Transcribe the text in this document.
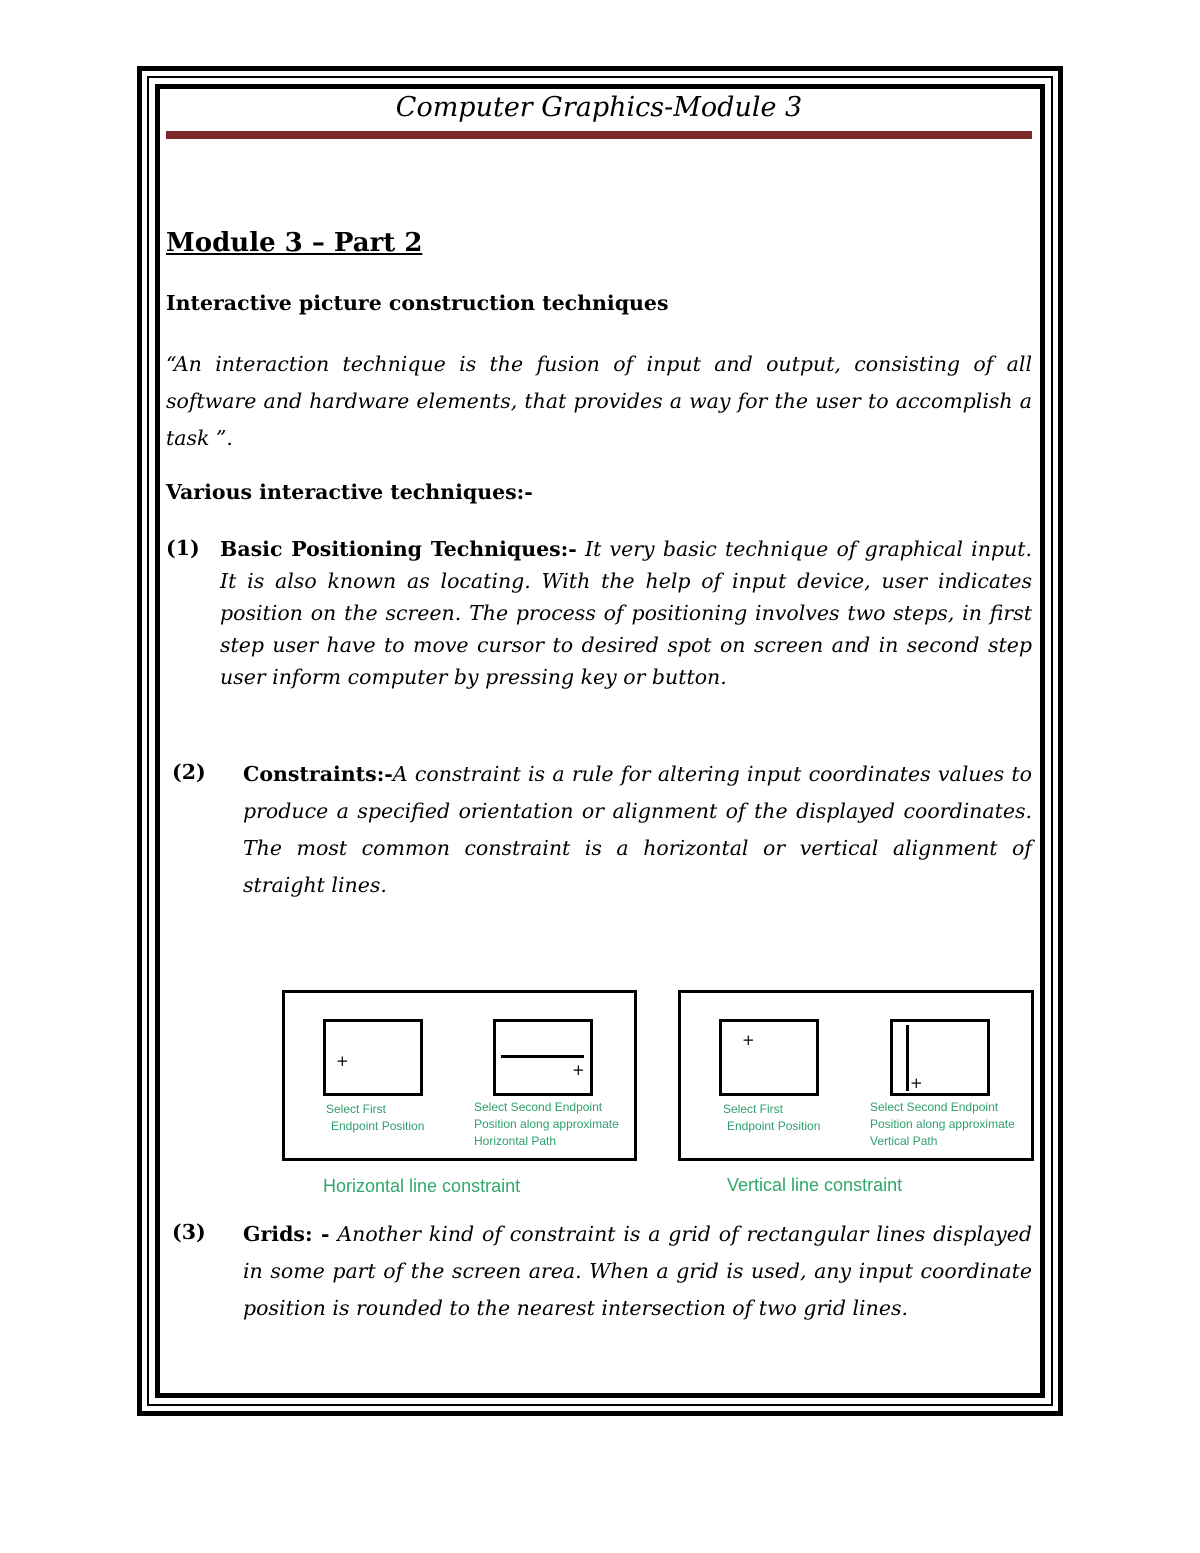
Computer Graphics-Module 3
Module 3 – Part 2
Interactive picture construction techniques
“An interaction technique is the fusion of input and output, consisting of all software and hardware elements, that provides a way for the user to accomplish a task ”.
Various interactive techniques:-
(1) Basic Positioning Techniques:- It very basic technique of graphical input. It is also known as locating. With the help of input device, user indicates position on the screen. The process of positioning involves two steps, in first step user have to move cursor to desired spot on screen and in second step user inform computer by pressing key or button.
(2) Constraints:-A constraint is a rule for altering input coordinates values to produce a specified orientation or alignment of the displayed coordinates. The most common constraint is a horizontal or vertical alignment of straight lines.
+	+
Select First
Endpoint Position
Select Second Endpoint
Position along approximate
Horizontal Path
Horizontal line constraint
+
+
Select First
Endpoint Position
Select Second Endpoint
Position along approximate
Vertical Path
Vertical line constraint
(3) Grids: - Another kind of constraint is a grid of rectangular lines displayed in some part of the screen area. When a grid is used, any input coordinate position is rounded to the nearest intersection of two grid lines.
